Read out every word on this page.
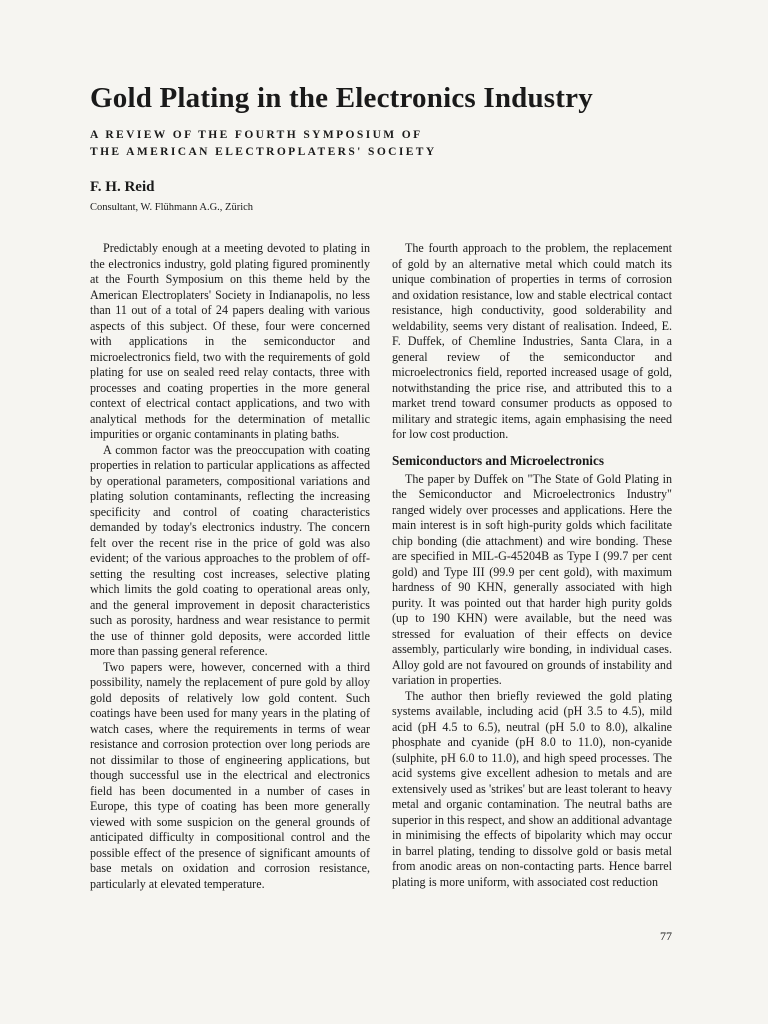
Gold Plating in the Electronics Industry
A REVIEW OF THE FOURTH SYMPOSIUM OF
THE AMERICAN ELECTROPLATERS' SOCIETY
F. H. Reid
Consultant, W. Flühmann A.G., Zürich

Predictably enough at a meeting devoted to plating in the electronics industry, gold plating figured prominently at the Fourth Symposium on this theme held by the American Electroplaters' Society in Indianapolis, no less than 11 out of a total of 24 papers dealing with various aspects of this subject. Of these, four were concerned with applications in the semiconductor and microelectronics field, two with the requirements of gold plating for use on sealed reed relay contacts, three with processes and coating properties in the more general context of electrical contact applications, and two with analytical methods for the determination of metallic impurities or organic contaminants in plating baths.

A common factor was the preoccupation with coating properties in relation to particular applications as affected by operational parameters, compositional variations and plating solution contaminants, reflecting the increasing specificity and control of coating characteristics demanded by today's electronics industry. The concern felt over the recent rise in the price of gold was also evident; of the various approaches to the problem of off-setting the resulting cost increases, selective plating which limits the gold coating to operational areas only, and the general improvement in deposit characteristics such as porosity, hardness and wear resistance to permit the use of thinner gold deposits, were accorded little more than passing general reference.

Two papers were, however, concerned with a third possibility, namely the replacement of pure gold by alloy gold deposits of relatively low gold content. Such coatings have been used for many years in the plating of watch cases, where the requirements in terms of wear resistance and corrosion protection over long periods are not dissimilar to those of engineering applications, but though successful use in the electrical and electronics field has been documented in a number of cases in Europe, this type of coating has been more generally viewed with some suspicion on the general grounds of anticipated difficulty in compositional control and the possible effect of the presence of significant amounts of base metals on oxidation and corrosion resistance, particularly at elevated temperature.

The fourth approach to the problem, the replacement of gold by an alternative metal which could match its unique combination of properties in terms of corrosion and oxidation resistance, low and stable electrical contact resistance, high conductivity, good solderability and weldability, seems very distant of realisation. Indeed, E. F. Duffek, of Chemline Industries, Santa Clara, in a general review of the semiconductor and microelectronics field, reported increased usage of gold, notwithstanding the price rise, and attributed this to a market trend toward consumer products as opposed to military and strategic items, again emphasising the need for low cost production.

Semiconductors and Microelectronics

The paper by Duffek on "The State of Gold Plating in the Semiconductor and Microelectronics Industry" ranged widely over processes and applications. Here the main interest is in soft high-purity golds which facilitate chip bonding (die attachment) and wire bonding. These are specified in MIL-G-45204B as Type I (99.7 per cent gold) and Type III (99.9 per cent gold), with maximum hardness of 90 KHN, generally associated with high purity. It was pointed out that harder high purity golds (up to 190 KHN) were available, but the need was stressed for evaluation of their effects on device assembly, particularly wire bonding, in individual cases. Alloy gold are not favoured on grounds of instability and variation in properties.

The author then briefly reviewed the gold plating systems available, including acid (pH 3.5 to 4.5), mild acid (pH 4.5 to 6.5), neutral (pH 5.0 to 8.0), alkaline phosphate and cyanide (pH 8.0 to 11.0), non-cyanide (sulphite, pH 6.0 to 11.0), and high speed processes. The acid systems give excellent adhesion to metals and are extensively used as 'strikes' but are least tolerant to heavy metal and organic contamination. The neutral baths are superior in this respect, and show an additional advantage in minimising the effects of bipolarity which may occur in barrel plating, tending to dissolve gold or basis metal from anodic areas on non-contacting parts. Hence barrel plating is more uniform, with associated cost reduction

77
